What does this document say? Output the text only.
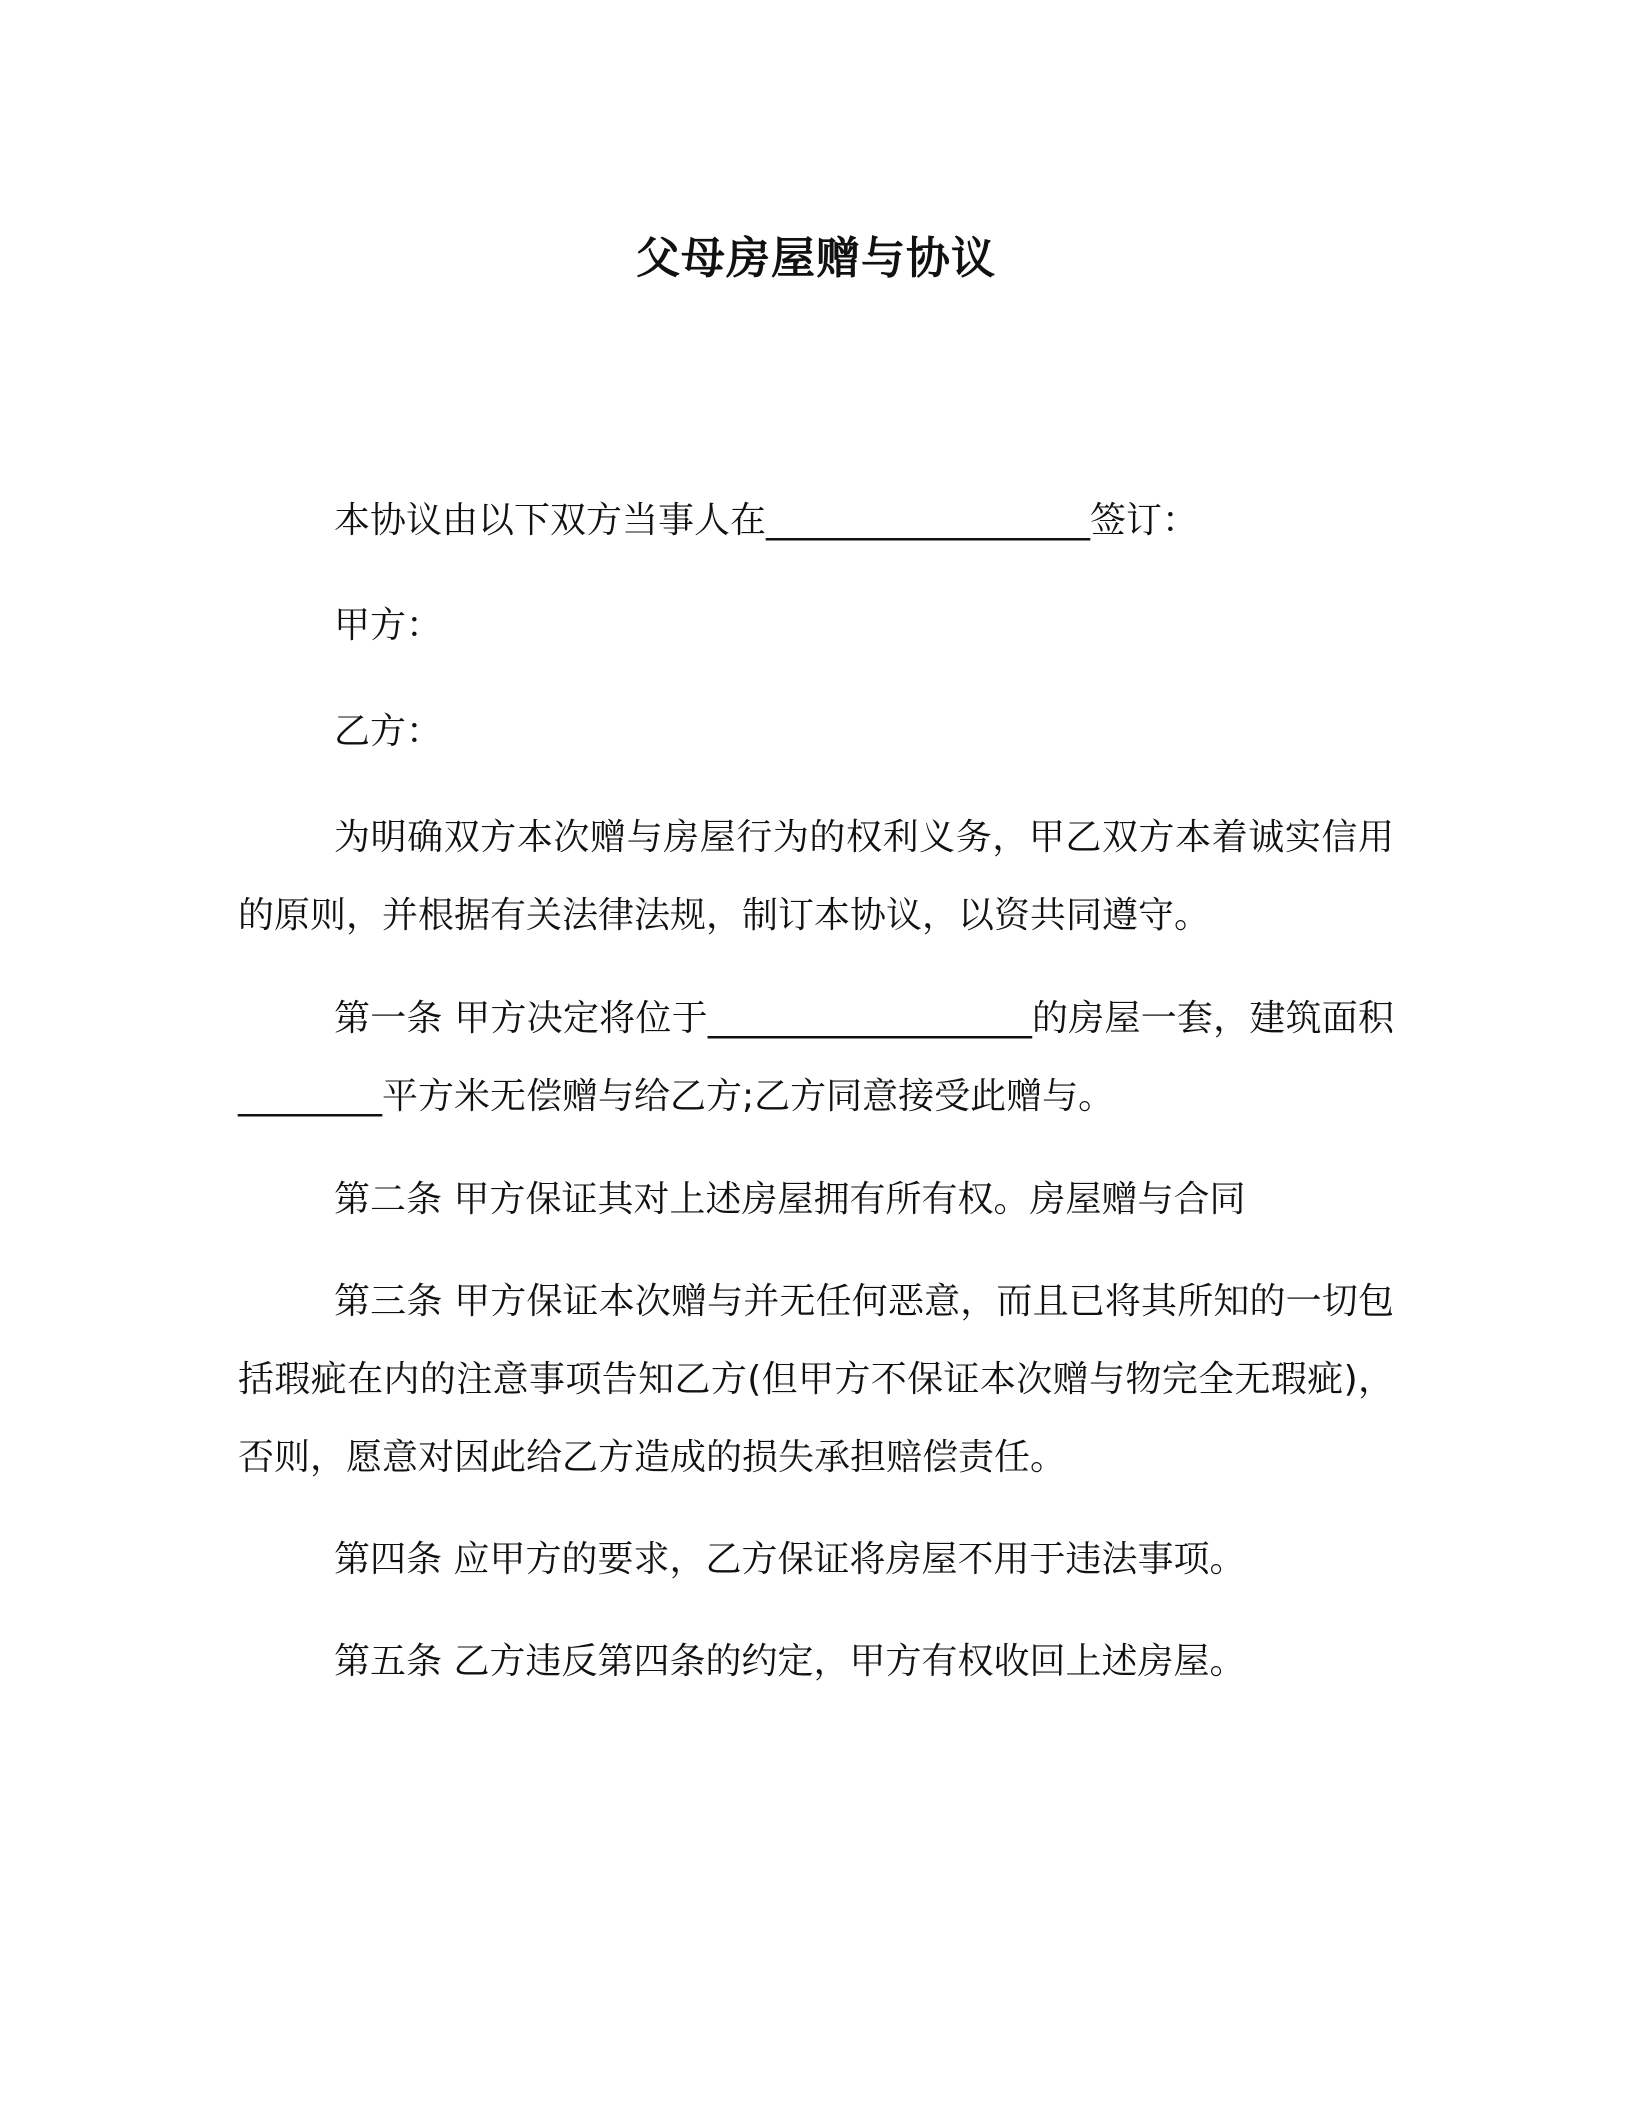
父母房屋赠与协议
本协议由以下双方当事人在__________________签订：
甲方：
乙方：
为明确双方本次赠与房屋行为的权利义务，甲乙双方本着诚实信用的原则，并根据有关法律法规，制订本协议，以资共同遵守。
第一条 甲方决定将位于__________________的房屋一套，建筑面积________平方米无偿赠与给乙方;乙方同意接受此赠与。
第二条 甲方保证其对上述房屋拥有所有权。房屋赠与合同
第三条 甲方保证本次赠与并无任何恶意，而且已将其所知的一切包括瑕疵在内的注意事项告知乙方(但甲方不保证本次赠与物完全无瑕疵)，否则，愿意对因此给乙方造成的损失承担赔偿责任。
第四条 应甲方的要求，乙方保证将房屋不用于违法事项。
第五条 乙方违反第四条的约定，甲方有权收回上述房屋。
